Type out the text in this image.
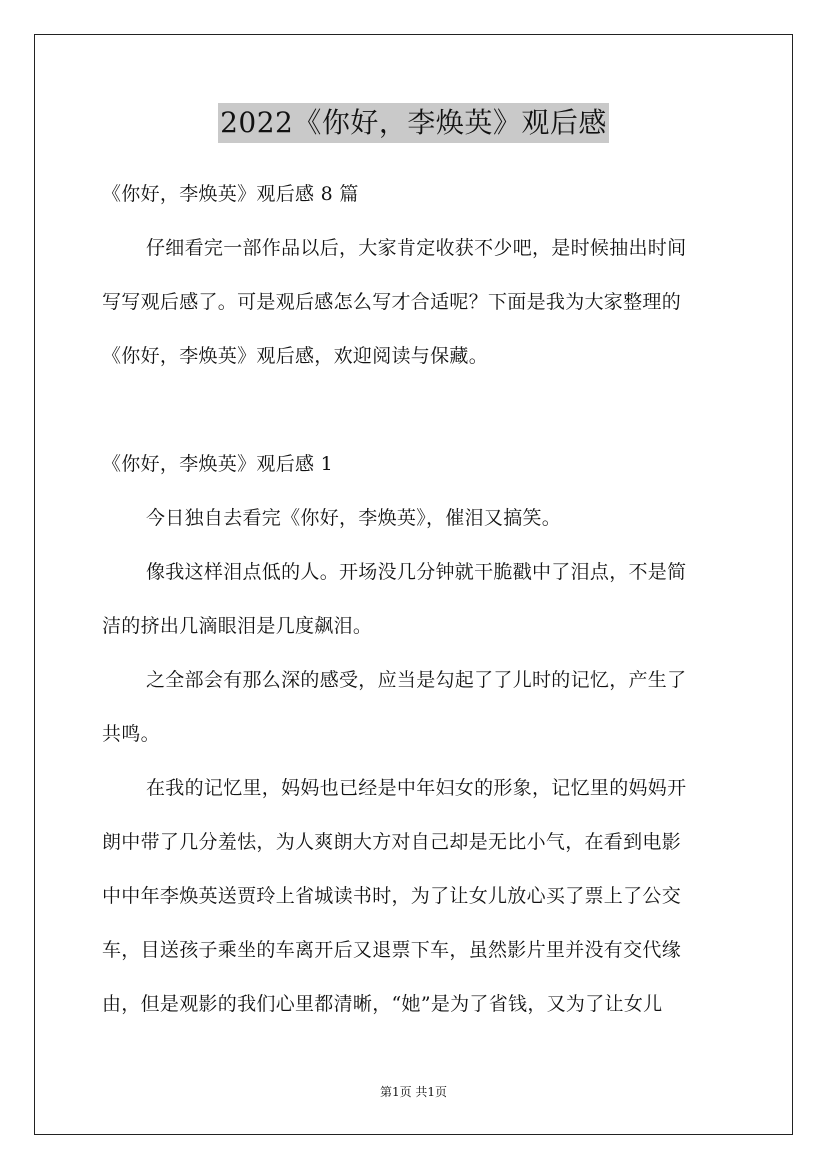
2022《你好，李焕英》观后感
《你好，李焕英》观后感 8 篇
仔细看完一部作品以后，大家肯定收获不少吧，是时候抽出时间
写写观后感了。可是观后感怎么写才合适呢？下面是我为大家整理的
《你好，李焕英》观后感，欢迎阅读与保藏。
《你好，李焕英》观后感 1
今日独自去看完《你好，李焕英》，催泪又搞笑。
像我这样泪点低的人。开场没几分钟就干脆戳中了泪点，不是简
洁的挤出几滴眼泪是几度飙泪。
之全部会有那么深的感受，应当是勾起了了儿时的记忆，产生了
共鸣。
在我的记忆里，妈妈也已经是中年妇女的形象，记忆里的妈妈开
朗中带了几分羞怯，为人爽朗大方对自己却是无比小气，在看到电影
中中年李焕英送贾玲上省城读书时，为了让女儿放心买了票上了公交
车，目送孩子乘坐的车离开后又退票下车，虽然影片里并没有交代缘
由，但是观影的我们心里都清晰，“她”是为了省钱，又为了让女儿
第1页 共1页
